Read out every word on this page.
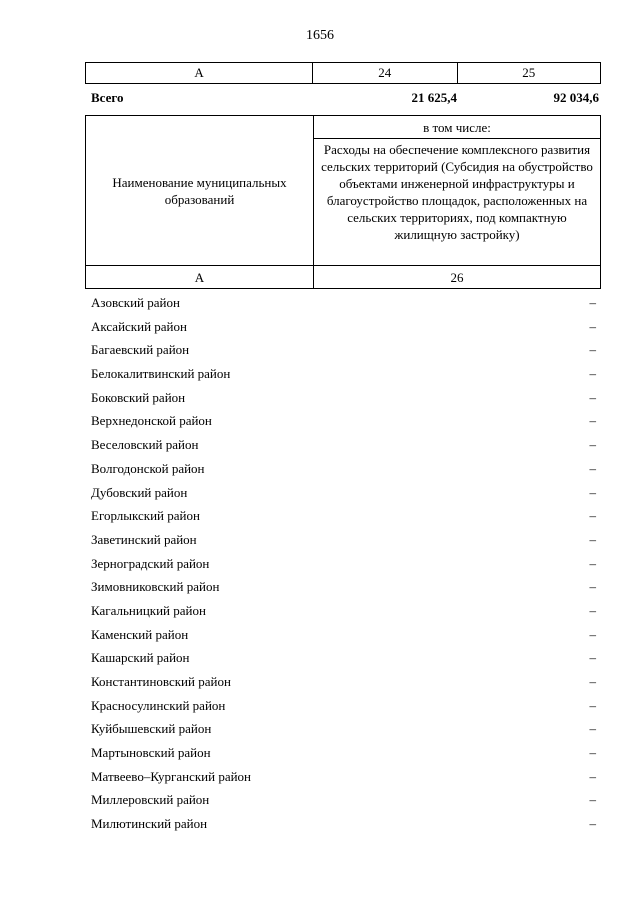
1656
А	24	25
Всего	21 625,4	92 034,6
Наименование муниципальных образований	в том числе:
	Расходы на обеспечение комплексного развития сельских территорий (Субсидия на обустройство объектами инженерной инфраструктуры и благоустройство площадок, расположенных на сельских территориях, под компактную жилищную застройку)
А	26
Азовский район	–
Аксайский район	–
Багаевский район	–
Белокалитвинский район	–
Боковский район	–
Верхнедонской район	–
Веселовский район	–
Волгодонской район	–
Дубовский район	–
Егорлыкский район	–
Заветинский район	–
Зерноградский район	–
Зимовниковский район	–
Кагальницкий район	–
Каменский район	–
Кашарский район	–
Константиновский район	–
Красносулинский район	–
Куйбышевский район	–
Мартыновский район	–
Матвеево–Курганский район	–
Миллеровский район	–
Милютинский район	–
